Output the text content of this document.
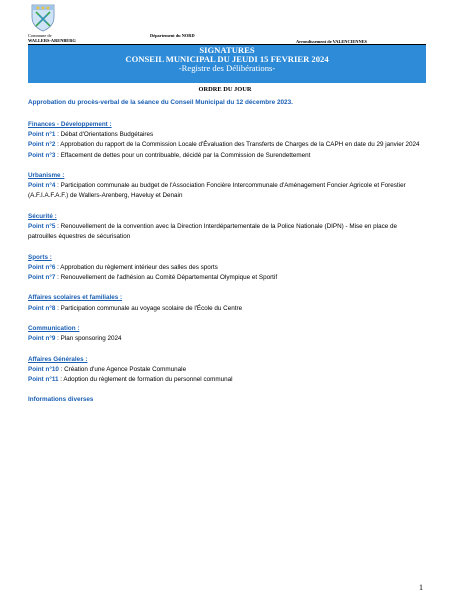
Commune de
WALLERS-ARENBERG
Département du NORD
Arrondissement de VALENCIENNES
SIGNATURES
CONSEIL MUNICIPAL DU JEUDI 15 FEVRIER 2024
-Registre des Délibérations-
ORDRE DU JOUR
Approbation du procès-verbal de la séance du Conseil Municipal du 12 décembre 2023.
Finances - Développement :
Point n°1 : Débat d'Orientations Budgétaires
Point n°2 : Approbation du rapport de la Commission Locale d'Évaluation des Transferts de Charges de la CAPH en date du 29 janvier 2024
Point n°3 : Effacement de dettes pour un contribuable, décidé par la Commission de Surendettement
Urbanisme :
Point n°4 : Participation communale au budget de l'Association Foncière Intercommunale d'Aménagement Foncier Agricole et Forestier (A.F.I.A.F.A.F.) de Wallers-Arenberg, Haveluy et Denain
Sécurité :
Point n°5 : Renouvellement de la convention avec la Direction Interdépartementale de la Police Nationale (DIPN) - Mise en place de patrouilles équestres de sécurisation
Sports :
Point n°6 : Approbation du règlement intérieur des salles des sports
Point n°7 : Renouvellement de l'adhésion au Comité Départemental Olympique et Sportif
Affaires scolaires et familiales :
Point n°8 : Participation communale au voyage scolaire de l'École du Centre
Communication :
Point n°9 : Plan sponsoring 2024
Affaires Générales :
Point n°10 : Création d'une Agence Postale Communale
Point n°11 : Adoption du règlement de formation du personnel communal
Informations diverses
1
